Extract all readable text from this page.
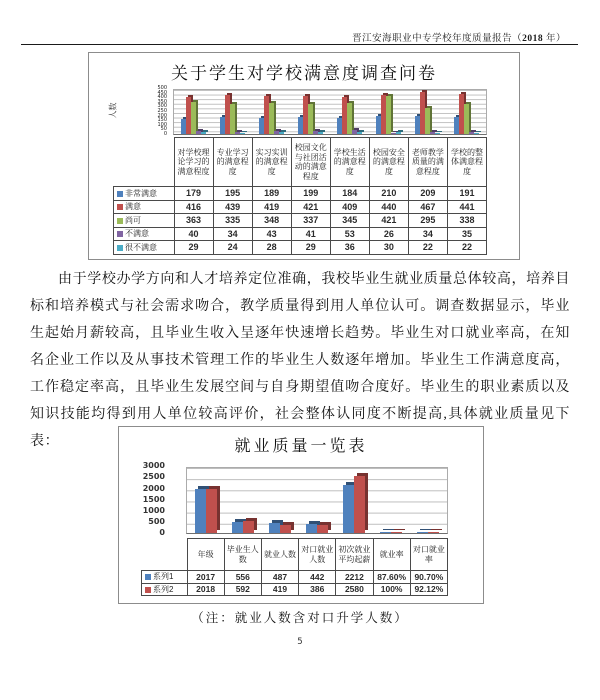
晋江安海职业中专学校年度质量报告（2018 年）
关于学生对学校满意度调查问卷
人数
500
450
400
350
300
250
200
150
100
50
0
	对学校理论学习的满意程度	专业学习的满意程度	实习实训的满意程度	校园文化与社团活动的满意程度	学校生活的满意程度	校园安全的满意程度	老师教学质量的满意程度	学校的整体满意程度
非常满意	179	195	189	199	184	210	209	191
满意	416	439	419	421	409	440	467	441
尚可	363	335	348	337	345	421	295	338
不满意	40	34	43	41	53	26	34	35
很不满意	29	24	28	29	36	30	22	22
由于学校办学方向和人才培养定位准确，我校毕业生就业质量总体较高，培养目标和培养模式与社会需求吻合，教学质量得到用人单位认可。调查数据显示，毕业生起始月薪较高，且毕业生收入呈逐年快速增长趋势。毕业生对口就业率高，在知名企业工作以及从事技术管理工作的毕业生人数逐年增加。毕业生工作满意度高，工作稳定率高，且毕业生发展空间与自身期望值吻合度好。毕业生的职业素质以及知识技能均得到用人单位较高评价，社会整体认同度不断提高,具体就业质量见下表：	就业质量一览表
3000
2500
2000
1500
1000
500
0
	年级	毕业生人数	就业人数	对口就业人数	初次就业平均起薪	就业率	对口就业率
系列1	2017	556	487	442	2212	87.60%	90.70%
系列2	2018	592	419	386	2580	100%	92.12%
（注：就业人数含对口升学人数）
5
